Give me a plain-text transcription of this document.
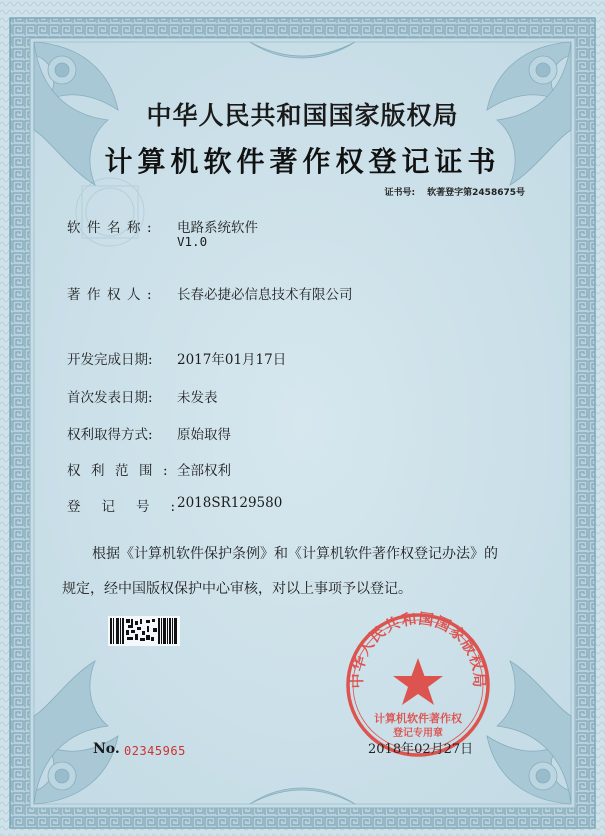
中华人民共和国国家版权局
计算机软件著作权登记证书
证书号: 软著登字第2458675号
软件名称: 电路系统软件
V1.0
著作权人: 长春必捷必信息技术有限公司
开发完成日期: 2017年01月17日
首次发表日期: 未发表
权利取得方式: 原始取得
权利范围:
全部权利
登记号:
2018SR129580
根据《计算机软件保护条例》和《计算机软件著作权登记办法》的
规定，经中国版权保护中心审核，对以上事项予以登记。
No. 02345965
中华人民共和国国家版权局
计算机软件著作权
登记专用章
2018年02月27日
